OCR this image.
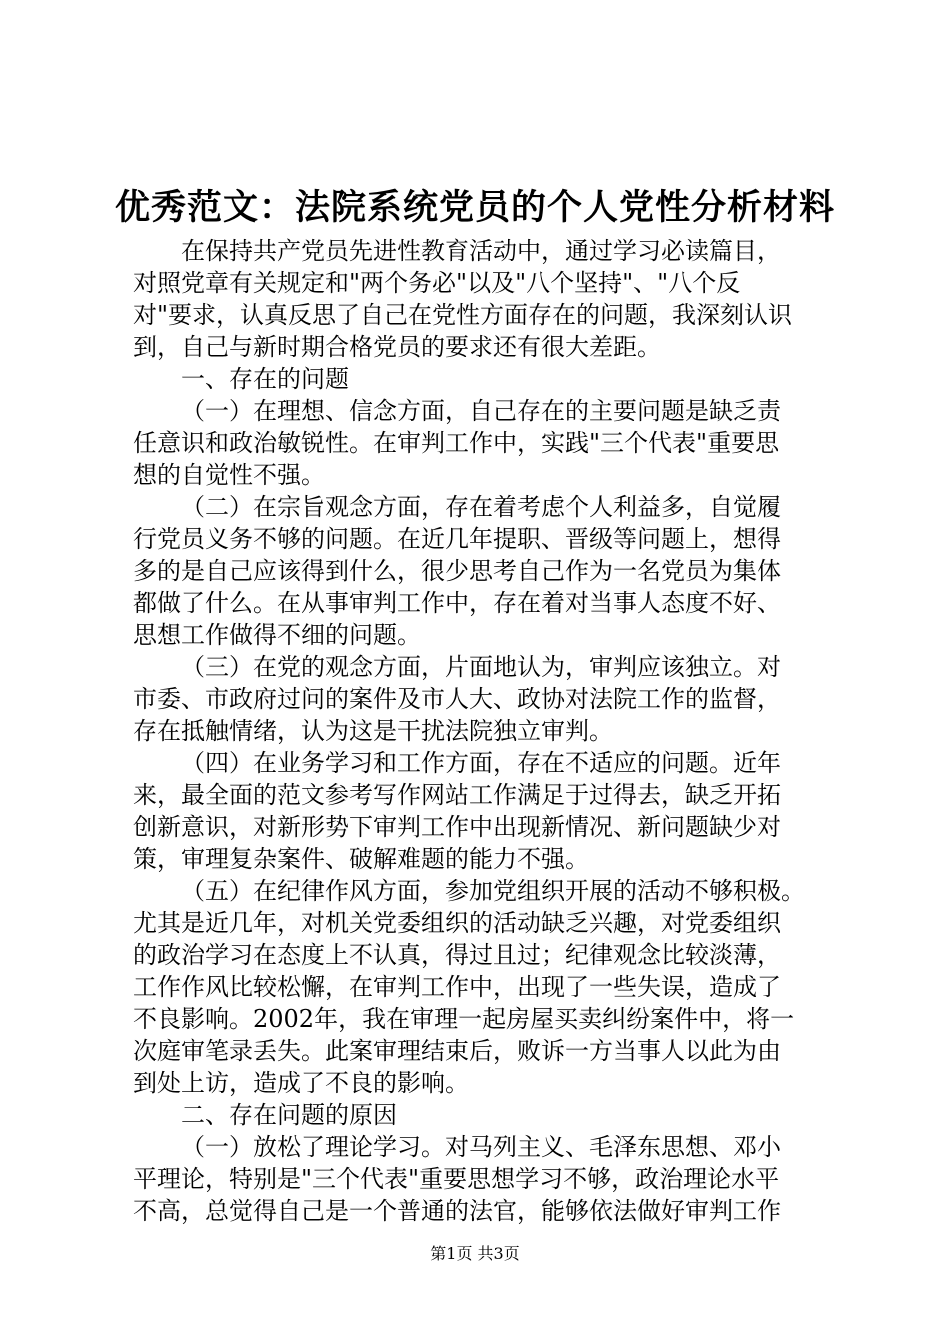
优秀范文：法院系统党员的个人党性分析材料
在保持共产党员先进性教育活动中，通过学习必读篇目，
对照党章有关规定和"两个务必"以及"八个坚持"、"八个反
对"要求，认真反思了自己在党性方面存在的问题，我深刻认识
到，自己与新时期合格党员的要求还有很大差距。
一、存在的问题
（一）在理想、信念方面，自己存在的主要问题是缺乏责
任意识和政治敏锐性。在审判工作中，实践"三个代表"重要思
想的自觉性不强。
（二）在宗旨观念方面，存在着考虑个人利益多，自觉履
行党员义务不够的问题。在近几年提职、晋级等问题上，想得
多的是自己应该得到什么，很少思考自己作为一名党员为集体
都做了什么。在从事审判工作中，存在着对当事人态度不好、
思想工作做得不细的问题。
（三）在党的观念方面，片面地认为，审判应该独立。对
市委、市政府过问的案件及市人大、政协对法院工作的监督，
存在抵触情绪，认为这是干扰法院独立审判。
（四）在业务学习和工作方面，存在不适应的问题。近年
来，最全面的范文参考写作网站工作满足于过得去，缺乏开拓
创新意识，对新形势下审判工作中出现新情况、新问题缺少对
策，审理复杂案件、破解难题的能力不强。
（五）在纪律作风方面，参加党组织开展的活动不够积极。
尤其是近几年，对机关党委组织的活动缺乏兴趣，对党委组织
的政治学习在态度上不认真，得过且过；纪律观念比较淡薄，
工作作风比较松懈，在审判工作中，出现了一些失误，造成了
不良影响。2002年，我在审理一起房屋买卖纠纷案件中，将一
次庭审笔录丢失。此案审理结束后，败诉一方当事人以此为由
到处上访，造成了不良的影响。
二、存在问题的原因
（一）放松了理论学习。对马列主义、毛泽东思想、邓小
平理论，特别是"三个代表"重要思想学习不够，政治理论水平
不高，总觉得自己是一个普通的法官，能够依法做好审判工作
第1页 共3页
